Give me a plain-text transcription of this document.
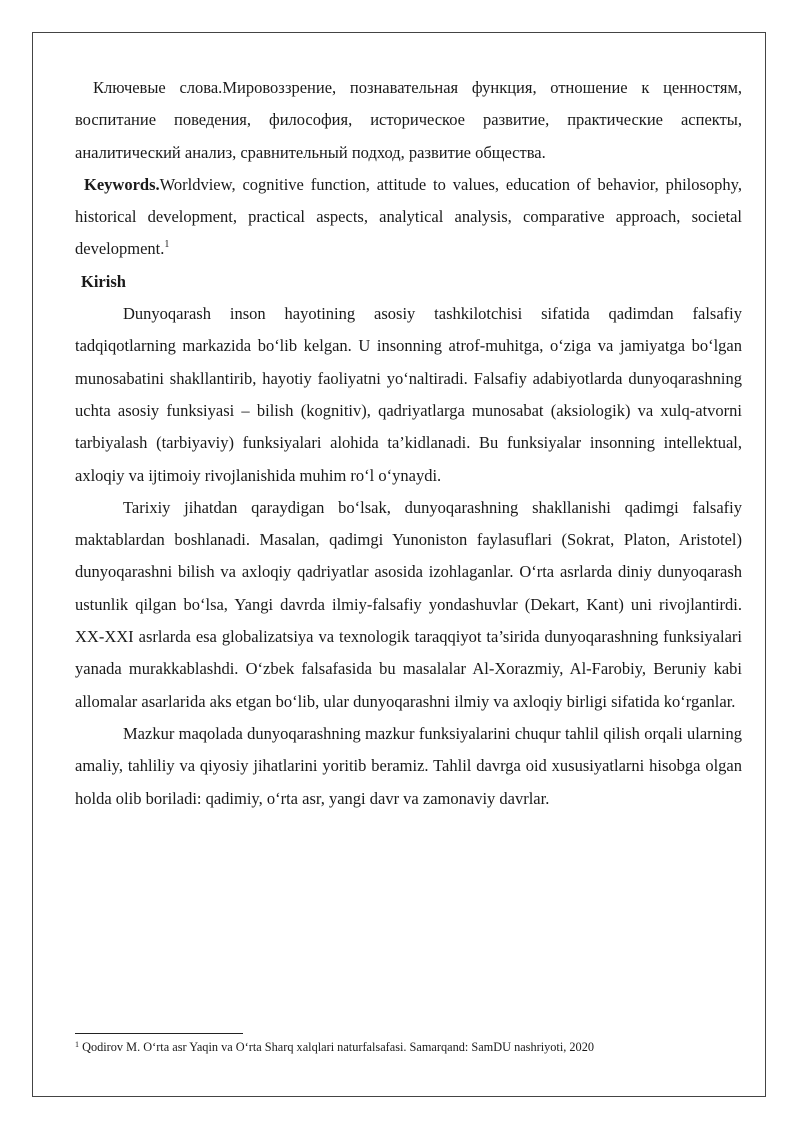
Ключевые слова.Мировоззрение, познавательная функция, отношение к ценностям, воспитание поведения, философия, историческое развитие, практические аспекты, аналитический анализ, сравнительный подход, развитие общества.

Keywords.Worldview, cognitive function, attitude to values, education of behavior, philosophy, historical development, practical aspects, analytical analysis, comparative approach, societal development.$^1$

Kirish

Dunyoqarash inson hayotining asosiy tashkilotchisi sifatida qadimdan falsafiy tadqiqotlarning markazida bo‘lib kelgan. U insonning atrof-muhitga, o‘ziga va jamiyatga bo‘lgan munosabatini shakllantirib, hayotiy faoliyatni yo‘naltiradi. Falsafiy adabiyotlarda dunyoqarashning uchta asosiy funksiyasi – bilish (kognitiv), qadriyatlarga munosabat (aksiologik) va xulq-atvorni tarbiyalash (tarbiyaviy) funksiyalari alohida ta’kidlanadi. Bu funksiyalar insonning intellektual, axloqiy va ijtimoiy rivojlanishida muhim ro‘l o‘ynaydi.

Tarixiy jihatdan qaraydigan bo‘lsak, dunyoqarashning shakllanishi qadimgi falsafiy maktablardan boshlanadi. Masalan, qadimgi Yunoniston faylasuflari (Sokrat, Platon, Aristotel) dunyoqarashni bilish va axloqiy qadriyatlar asosida izohlaganlar. O‘rta asrlarda diniy dunyoqarash ustunlik qilgan bo‘lsa, Yangi davrda ilmiy-falsafiy yondashuvlar (Dekart, Kant) uni rivojlantirdi. XX-XXI asrlarda esa globalizatsiya va texnologik taraqqiyot ta’sirida dunyoqarashning funksiyalari yanada murakkablashdi. O‘zbek falsafasida bu masalalar Al-Xorazmiy, Al-Farobiy, Beruniy kabi allomalar asarlarida aks etgan bo‘lib, ular dunyoqarashni ilmiy va axloqiy birligi sifatida ko‘rganlar.

Mazkur maqolada dunyoqarashning mazkur funksiyalarini chuqur tahlil qilish orqali ularning amaliy, tahliliy va qiyosiy jihatlarini yoritib beramiz. Tahlil davrga oid xususiyatlarni hisobga olgan holda olib boriladi: qadimiy, o‘rta asr, yangi davr va zamonaviy davrlar.

$^1$ Qodirov M. O‘rta asr Yaqin va O‘rta Sharq xalqlari naturfalsafasi. Samarqand: SamDU nashriyoti, 2020
